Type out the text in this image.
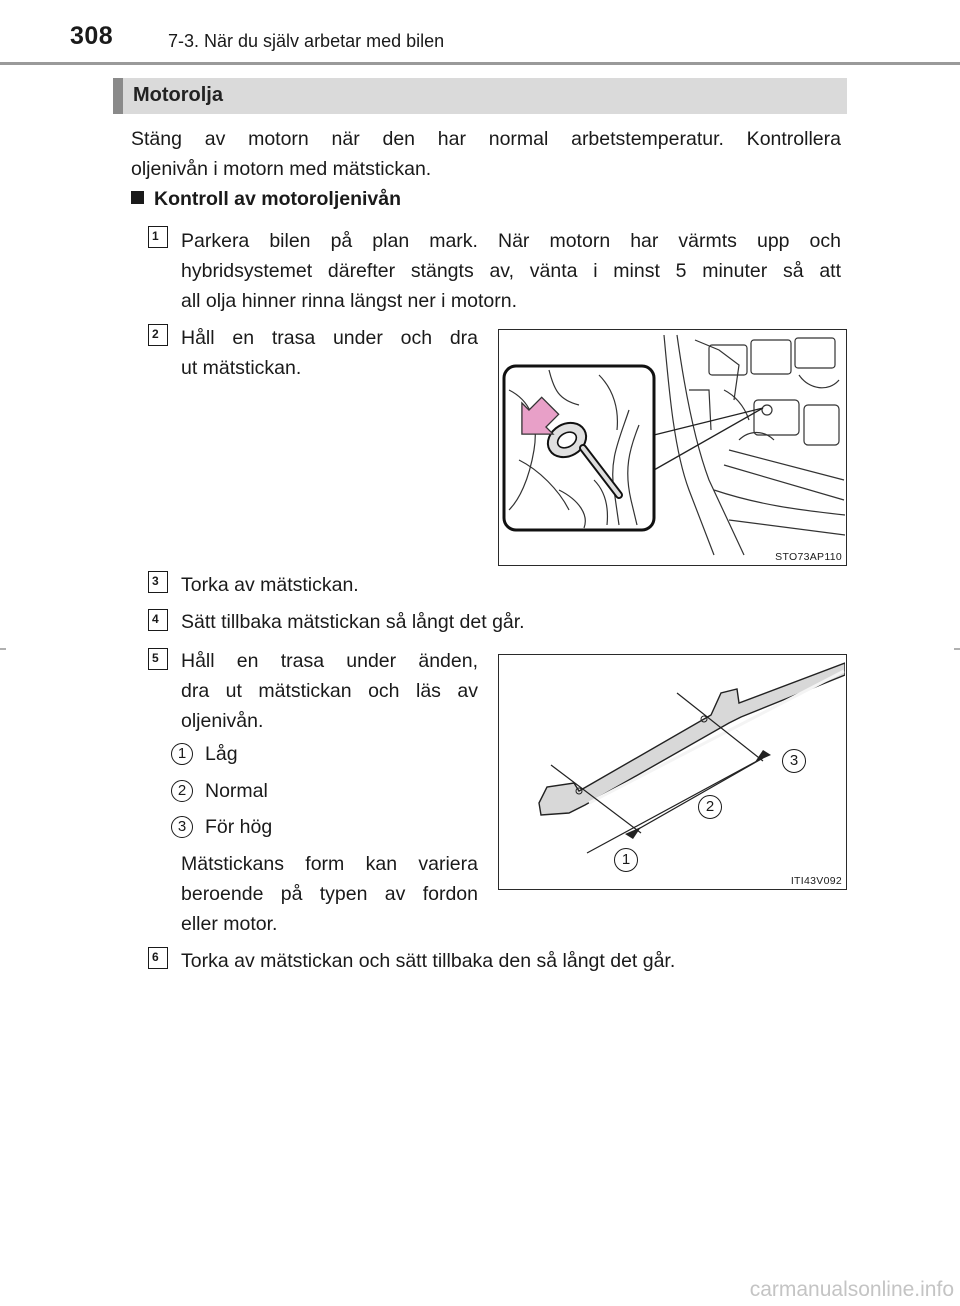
308	7-3. När du själv arbetar med bilen
Motorolja
Stäng av motorn när den har normal arbetstemperatur. Kontrollera
oljenivån i motorn med mätstickan.
Kontroll av motoroljenivån
1	Parkera bilen på plan mark. När motorn har värmts upp och
hybridsystemet därefter stängts av, vänta i minst 5 minuter så att
all olja hinner rinna längst ner i motorn.
2	Håll en trasa under och dra
ut mätstickan.
STO73AP110
3	Torka av mätstickan.
4	Sätt tillbaka mätstickan så långt det går.
5	Håll en trasa under änden,
dra ut mätstickan och läs av
oljenivån.
1 Låg
2 Normal
3 För hög
Mätstickans form kan variera
beroende på typen av fordon
eller motor.
1
2
3
ITI43V092
6	Torka av mätstickan och sätt tillbaka den så långt det går.
carmanualsonline.info
